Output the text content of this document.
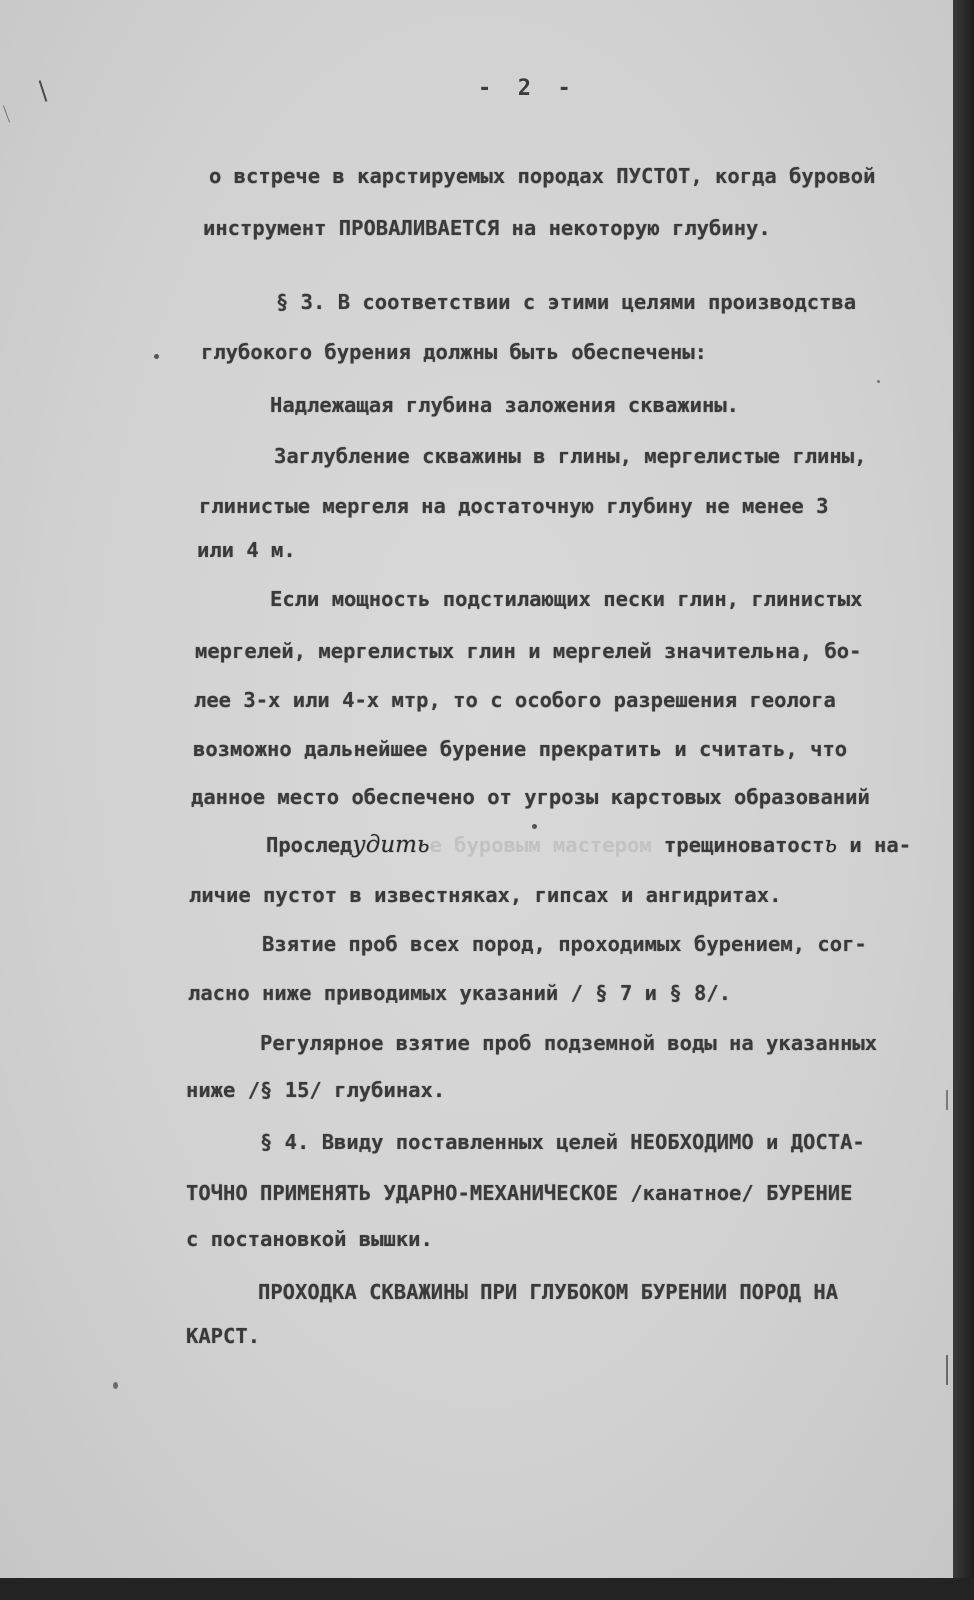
-  2  -
о встрече в карстируемых породах ПУСТОТ, когда буровой
инструмент ПРОВАЛИВАЕТСЯ на некоторую глубину.
§ 3. В соответствии с этими целями производства
глубокого бурения должны быть обеспечены:
Надлежащая глубина заложения скважины.
Заглубление скважины в глины, мергелистые глины,
глинистые мергеля на достаточную глубину не менее 3
или 4 м.
Если мощность подстилающих пески глин, глинистых
мергелей, мергелистых глин и мергелей значительна, бо-
лее 3-х или 4-х мтр, то с особого разрешения геолога
возможно дальнейшее бурение прекратить и считать, что
данное место обеспечено от угрозы карстовых образований
Проследудитье буровым мастером трещиноватость и на-
личие пустот в известняках, гипсах и ангидритах.
Взятие проб всех пород, проходимых бурением, сог-
ласно ниже приводимых указаний / § 7 и § 8/.
Регулярное взятие проб подземной воды на указанных
ниже /§ 15/ глубинах.
§ 4. Ввиду поставленных целей НЕОБХОДИМО и ДОСТА-
ТОЧНО ПРИМЕНЯТЬ УДАРНО-МЕХАНИЧЕСКОЕ /канатное/ БУРЕНИЕ
с постановкой вышки.
ПРОХОДКА СКВАЖИНЫ ПРИ ГЛУБОКОМ БУРЕНИИ ПОРОД НА
КАРСТ.
